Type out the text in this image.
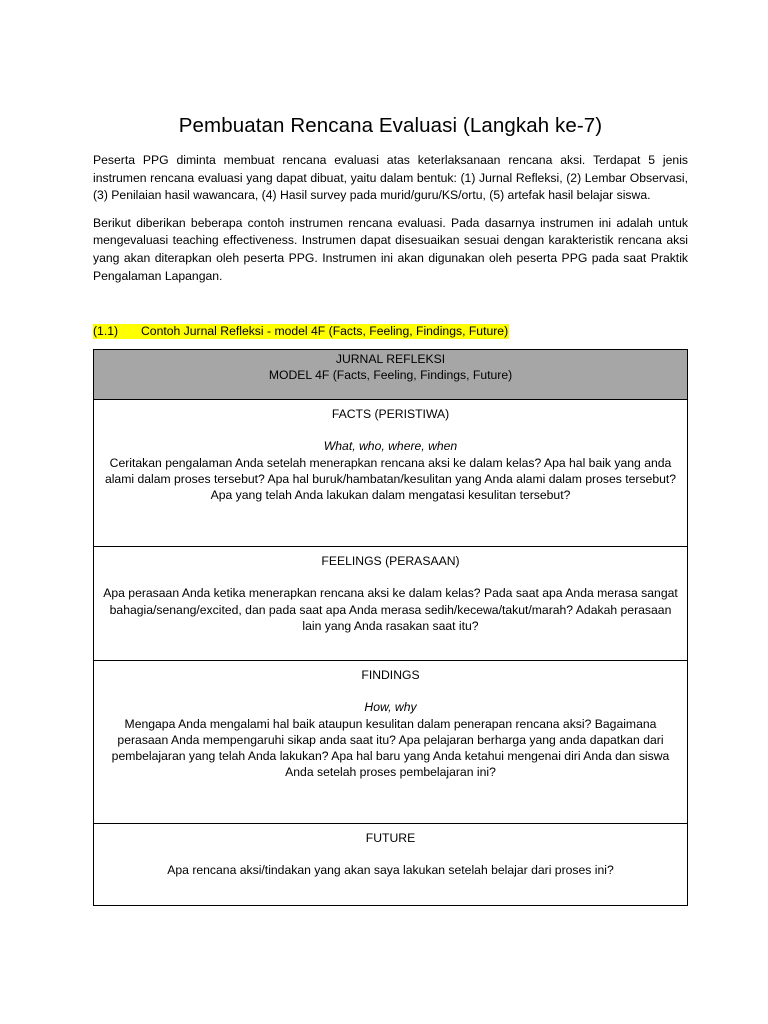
Pembuatan Rencana Evaluasi (Langkah ke-7)

Peserta PPG diminta membuat rencana evaluasi atas keterlaksanaan rencana aksi. Terdapat 5 jenis instrumen rencana evaluasi yang dapat dibuat, yaitu dalam bentuk: (1) Jurnal Refleksi, (2) Lembar Observasi, (3) Penilaian hasil wawancara, (4) Hasil survey pada murid/guru/KS/ortu, (5) artefak hasil belajar siswa.

Berikut diberikan beberapa contoh instrumen rencana evaluasi. Pada dasarnya instrumen ini adalah untuk mengevaluasi teaching effectiveness. Instrumen dapat disesuaikan sesuai dengan karakteristik rencana aksi yang akan diterapkan oleh peserta PPG. Instrumen ini akan digunakan oleh peserta PPG pada saat Praktik Pengalaman Lapangan.

(1.1) Contoh Jurnal Refleksi - model 4F (Facts, Feeling, Findings, Future)
JURNAL REFLEKSI
MODEL 4F (Facts, Feeling, Findings, Future)

FACTS (PERISTIWA)
What, who, where, when
Ceritakan pengalaman Anda setelah menerapkan rencana aksi ke dalam kelas? Apa hal baik yang anda alami dalam proses tersebut? Apa hal buruk/hambatan/kesulitan yang Anda alami dalam proses tersebut? Apa yang telah Anda lakukan dalam mengatasi kesulitan tersebut?

FEELINGS (PERASAAN)
Apa perasaan Anda ketika menerapkan rencana aksi ke dalam kelas? Pada saat apa Anda merasa sangat bahagia/senang/excited, dan pada saat apa Anda merasa sedih/kecewa/takut/marah? Adakah perasaan lain yang Anda rasakan saat itu?

FINDINGS
How, why
Mengapa Anda mengalami hal baik ataupun kesulitan dalam penerapan rencana aksi? Bagaimana perasaan Anda mempengaruhi sikap anda saat itu? Apa pelajaran berharga yang anda dapatkan dari pembelajaran yang telah Anda lakukan? Apa hal baru yang Anda ketahui mengenai diri Anda dan siswa Anda setelah proses pembelajaran ini?

FUTURE
Apa rencana aksi/tindakan yang akan saya lakukan setelah belajar dari proses ini?
